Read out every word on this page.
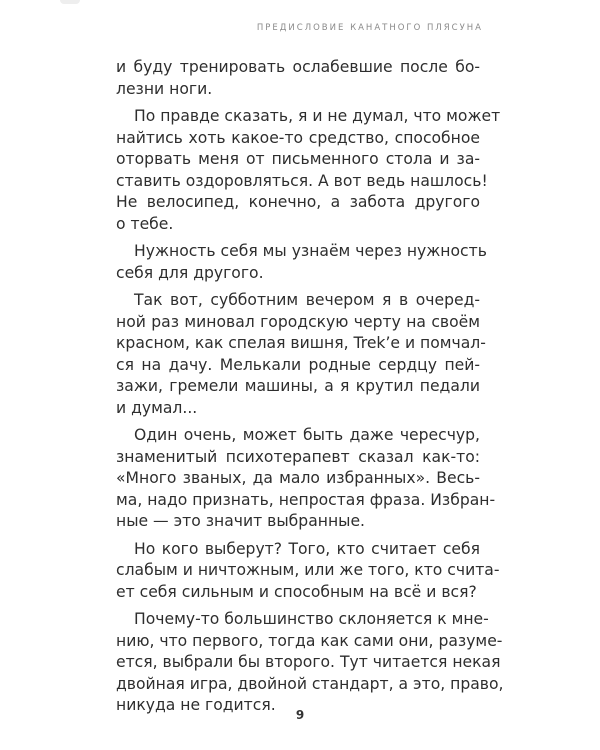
ПРЕДИСЛОВИЕ КАНАТНОГО ПЛЯСУНА
и буду тренировать ослабевшие после бо-
лезни ноги.
По правде сказать, я и не думал, что может
найтись хоть какое-то средство, способное
оторвать меня от письменного стола и за-
ставить оздоровляться. А вот ведь нашлось!
Не велосипед, конечно, а забота другого
о тебе.
Нужность себя мы узнаём через нужность
себя для другого.
Так вот, субботним вечером я в очеред-
ной раз миновал городскую черту на своём
красном, как спелая вишня, Trek’е и помчал-
ся на дачу. Мелькали родные сердцу пей-
зажи, гремели машины, а я крутил педали
и думал...
Один очень, может быть даже чересчур,
знаменитый психотерапевт сказал как-то:
«Много званых, да мало избранных». Весь-
ма, надо признать, непростая фраза. Избран-
ные — это значит выбранные.
Но кого выберут? Того, кто считает себя
слабым и ничтожным, или же того, кто счита-
ет себя сильным и способным на всё и вся?
Почему-то большинство склоняется к мне-
нию, что первого, тогда как сами они, разуме-
ется, выбрали бы второго. Тут читается некая
двойная игра, двойной стандарт, а это, право,
никуда не годится.
9
